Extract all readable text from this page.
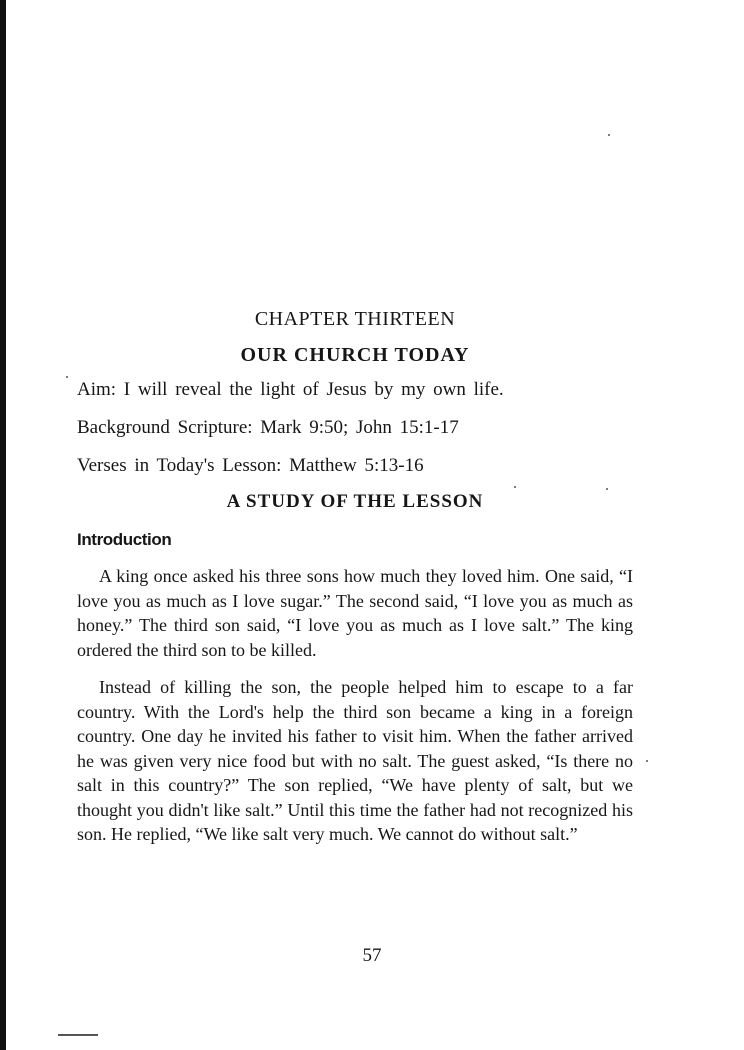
CHAPTER THIRTEEN
OUR CHURCH TODAY

Aim: I will reveal the light of Jesus by my own life.

Background Scripture: Mark 9:50; John 15:1-17

Verses in Today's Lesson: Matthew 5:13-16

A STUDY OF THE LESSON
Introduction

A king once asked his three sons how much they loved him. One said, “I love you as much as I love sugar.” The second said, “I love you as much as honey.” The third son said, “I love you as much as I love salt.” The king ordered the third son to be killed.

Instead of killing the son, the people helped him to escape to a far country. With the Lord's help the third son became a king in a foreign country. One day he invited his father to visit him. When the father arrived he was given very nice food but with no salt. The guest asked, “Is there no salt in this country?” The son replied, “We have plenty of salt, but we thought you didn't like salt.” Until this time the father had not recognized his son. He replied, “We like salt very much. We cannot do without salt.”

57
